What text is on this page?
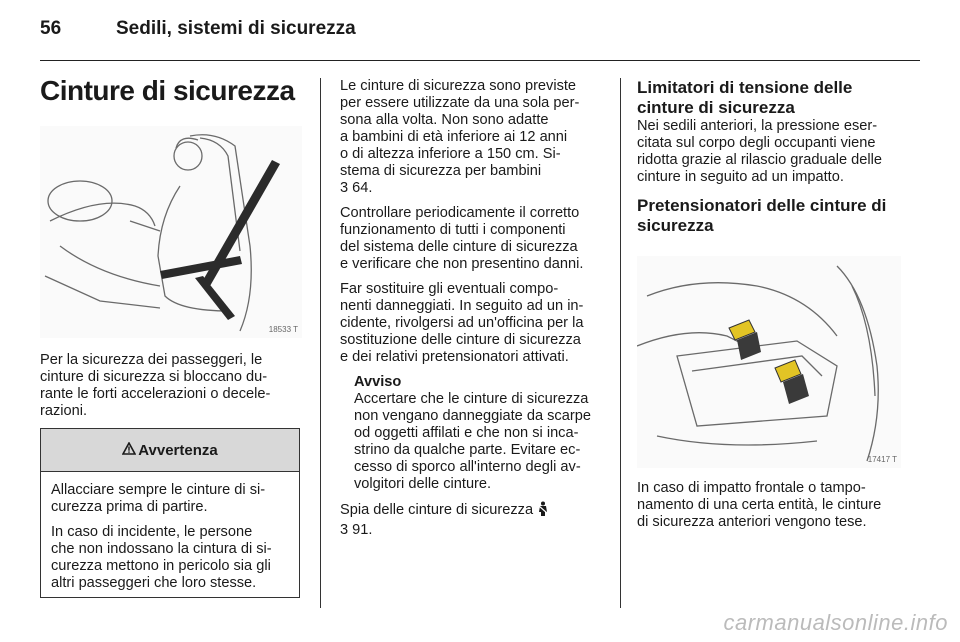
56	Sedili, sistemi di sicurezza
Cinture di sicurezza
18533 T

Per la sicurezza dei passeggeri, le
cinture di sicurezza si bloccano du-
rante le forti accelerazioni o decele-
razioni.

Avvertenza

Allacciare sempre le cinture di si-
curezza prima di partire.

In caso di incidente, le persone
che non indossano la cintura di si-
curezza mettono in pericolo sia gli
altri passeggeri che loro stesse.

Le cinture di sicurezza sono previste
per essere utilizzate da una sola per-
sona alla volta. Non sono adatte
a bambini di età inferiore ai 12 anni
o di altezza inferiore a 150 cm. Si-
stema di sicurezza per bambini
3 64.

Controllare periodicamente il corretto
funzionamento di tutti i componenti
del sistema delle cinture di sicurezza
e verificare che non presentino danni.

Far sostituire gli eventuali compo-
nenti danneggiati. In seguito ad un in-
cidente, rivolgersi ad un'officina per la
sostituzione delle cinture di sicurezza
e dei relativi pretensionatori attivati.

Avviso
Accertare che le cinture di sicurezza
non vengano danneggiate da scarpe
od oggetti affilati e che non si inca-
strino da qualche parte. Evitare ec-
cesso di sporco all'interno degli av-
volgitori delle cinture.

Spia delle cinture di sicurezza
3 91.

Limitatori di tensione delle
cinture di sicurezza

Nei sedili anteriori, la pressione eser-
citata sul corpo degli occupanti viene
ridotta grazie al rilascio graduale delle
cinture in seguito ad un impatto.

Pretensionatori delle cinture di
sicurezza
17417 T

In caso di impatto frontale o tampo-
namento di una certa entità, le cinture
di sicurezza anteriori vengono tese.

carmanualsonline.info
